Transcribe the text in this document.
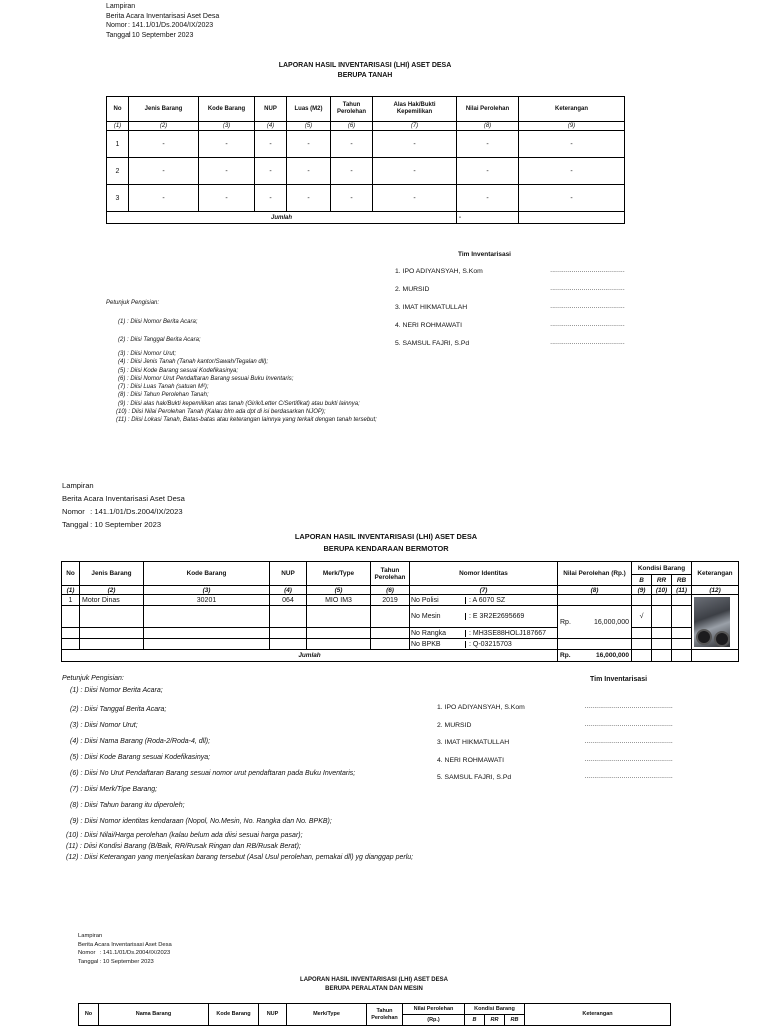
Lampiran
Berita Acara Inventarisasi Aset Desa
Nomor : 141.1/01/Ds.2004/IX/2023
Tanggal : 10 September 2023
LAPORAN HASIL INVENTARISASI (LHI) ASET DESA
BERUPA TANAH
No	Jenis Barang	Kode Barang	NUP	Luas (M2)	Tahun Perolehan	Alas Hak/Bukti Kepemilikan	Nilai Perolehan	Keterangan
(1)	(2)	(3)	(4)	(5)	(6)	(7)	(8)	(9)
1	-	-	-	-	-	-	-	-
2	-	-	-	-	-	-	-	-
3	-	-	-	-	-	-	-	-
Jumlah							-	
Tim Inventarisasi
1. IPO ADIYANSYAH, S.Kom	......................................
2. MURSID	......................................
3. IMAT HIKMATULLAH	......................................
4. NERI ROHMAWATI	......................................
5. SAMSUL FAJRI, S.Pd	......................................
Petunjuk Pengisian:
(1) : Diisi Nomor Berita Acara;
(2) : Diisi Tanggal Berita Acara;
(3) : Diisi Nomor Urut;
(4) : Diisi Jenis Tanah (Tanah kantor/Sawah/Tegalan dll);
(5) : Diisi Kode Barang sesuai Kodefikasinya;
(6) : Diisi Nomor Urut Pendaftaran Barang sesuai Buku Inventaris;
(7) : Diisi Luas Tanah (satuan M²);
(8) : Diisi Tahun Perolehan Tanah;
(9) : Diisi alas hak/Bukti kepemilikan atas tanah (Girik/Letter C/Sertifikat) atau bukti lainnya;
(10) : Diisi Nilai Perolehan Tanah (Kalau blm ada dpt di isi berdasarkan NJOP);
(11) : Diisi Lokasi Tanah, Batas-batas atau keterangan lainnya yang terkait dengan tanah tersebut;
Lampiran
Berita Acara Inventarisasi Aset Desa
Nomor : 141.1/01/Ds.2004/IX/2023
Tanggal : 10 September 2023
LAPORAN HASIL INVENTARISASI (LHI) ASET DESA
BERUPA KENDARAAN BERMOTOR
No	Jenis Barang	Kode Barang	NUP	Merk/Type	Tahun Perolehan	Nomor Identitas	Nilai Perolehan (Rp.)	Kondisi Barang			Keterangan
								B	RR	RB	
(1)	(2)	(3)	(4)	(5)	(6)	(7)	(8)	(9)	(10)	(11)	(12)
1	Motor Dinas	30201	064	MIO IM3	2019	No Polisi : A 6070 SZ					

						No Mesin : E 3R2E2695669	Rp. 16,000,000	√			

						No Rangka : MH3SE88HOLJ187667					

						No BPKB : Q-03215703					

Jumlah							Rp. 16,000,000				

Petunjuk Pengisian:
(1) : Diisi Nomor Berita Acara;
(2) : Diisi Tanggal Berita Acara;
(3) : Diisi Nomor Urut;
(4) : Diisi Nama Barang (Roda-2/Roda-4, dll);
(5) : Diisi Kode Barang sesuai Kodefikasinya;
(6) : Diisi No Urut Pendaftaran Barang sesuai nomor urut pendaftaran pada Buku Inventaris;
(7) : Diisi Merk/Tipe Barang;
(8) : Diisi Tahun barang itu diperoleh;
(9) : Diisi Nomor identitas kendaraan (Nopol, No.Mesin, No. Rangka dan No. BPKB);
(10) : Diisi Nilai/Harga perolehan (kalau belum ada diisi sesuai harga pasar);
(11) : Diisi Kondisi Barang (B/Baik, RR/Rusak Ringan dan RB/Rusak Berat);
(12) : Diisi Keterangan yang menjelaskan barang tersebut (Asal Usul perolehan, pemakai dll) yg dianggap perlu;
Tim Inventarisasi
1. IPO ADIYANSYAH, S.Kom	.............................................
2. MURSID	.............................................
3. IMAT HIKMATULLAH	.............................................
4. NERI ROHMAWATI	.............................................
5. SAMSUL FAJRI, S.Pd	.............................................
Lampiran
Berita Acara Inventarisasi Aset Desa
Nomor : 141.1/01/Ds.2004/IX/2023
Tanggal : 10 September 2023
LAPORAN HASIL INVENTARISASI (LHI) ASET DESA
BERUPA PERALATAN DAN MESIN
No	Nama Barang	Kode Barang	NUP	Merk/Type	Tahun Perolehan	Nilai Perolehan	Kondisi Barang			Keterangan
						(Rp.)	B	RR	RB	
